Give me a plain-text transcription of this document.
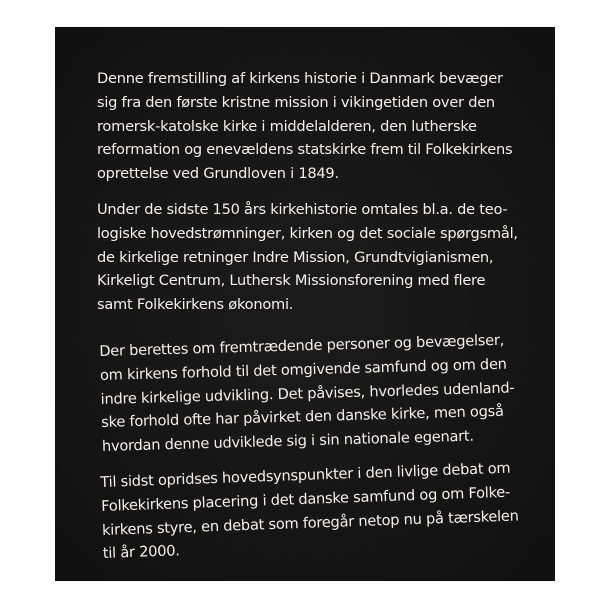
Denne fremstilling af kirkens historie i Danmark bevæger
sig fra den første kristne mission i vikingetiden over den
romersk-katolske kirke i middelalderen, den lutherske
reformation og enevældens statskirke frem til Folkekirkens
oprettelse ved Grundloven i 1849.
Under de sidste 150 års kirkehistorie omtales bl.a. de teo-
logiske hovedstrømninger, kirken og det sociale spørgsmål,
de kirkelige retninger Indre Mission, Grundtvigianismen,
Kirkeligt Centrum, Luthersk Missionsforening med flere
samt Folkekirkens økonomi.
Der berettes om fremtrædende personer og bevægelser,
om kirkens forhold til det omgivende samfund og om den
indre kirkelige udvikling. Det påvises, hvorledes udenland-
ske forhold ofte har påvirket den danske kirke, men også
hvordan denne udviklede sig i sin nationale egenart.
Til sidst opridses hovedsynspunkter i den livlige debat om
Folkekirkens placering i det danske samfund og om Folke-
kirkens styre, en debat som foregår netop nu på tærskelen
til år 2000.
